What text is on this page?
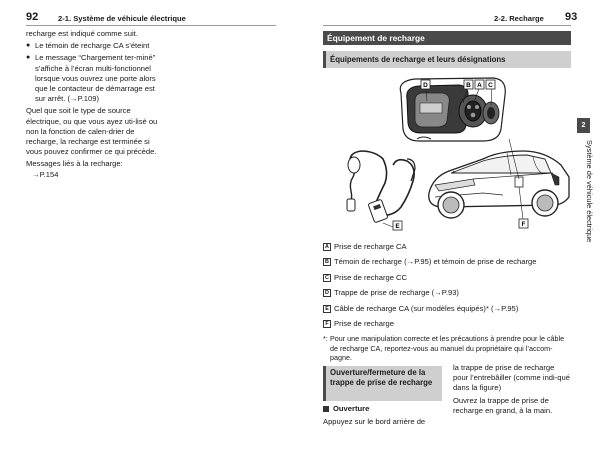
92	2-1. Système de véhicule électrique	2-2. Recharge 93

recharge est indiqué comme suit.

● Le témoin de recharge CA s’éteint
● Le message “Chargement ter-miné” s’affiche à l’écran multi-fonctionnel lorsque vous ouvrez une porte alors que le contacteur de démarrage est sur arrêt. (→P.109)

Quel que soit le type de source électrique, ou que vous ayez uti-lisé ou non la fonction de calen-drier de recharge, la recharge est terminée si vous pouvez confirmer ce qui précède.

Messages liés à la recharge:

→P.154

Équipement de recharge
Équipements de recharge et leurs désignations
D	B A C
E	F
A Prise de recharge CA
B Témoin de recharge (→P.95) et témoin de prise de recharge
C Prise de recharge CC
D Trappe de prise de recharge (→P.93)
E Câble de recharge CA (sur modèles équipés)* (→P.95)
F Prise de recharge
*: Pour une manipulation correcte et les précautions à prendre pour le câble de recharge CA, reportez-vous au manuel du propriétaire qui l’accom-pagne.
Ouverture/fermeture de la trappe de prise de recharge
Ouverture
Appuyez sur le bord arrière de

la trappe de prise de recharge pour l’entrebâiller (comme indi-qué dans la figure)

Ouvrez la trappe de prise de recharge en grand, à la main.

2
Système de véhicule électrique
